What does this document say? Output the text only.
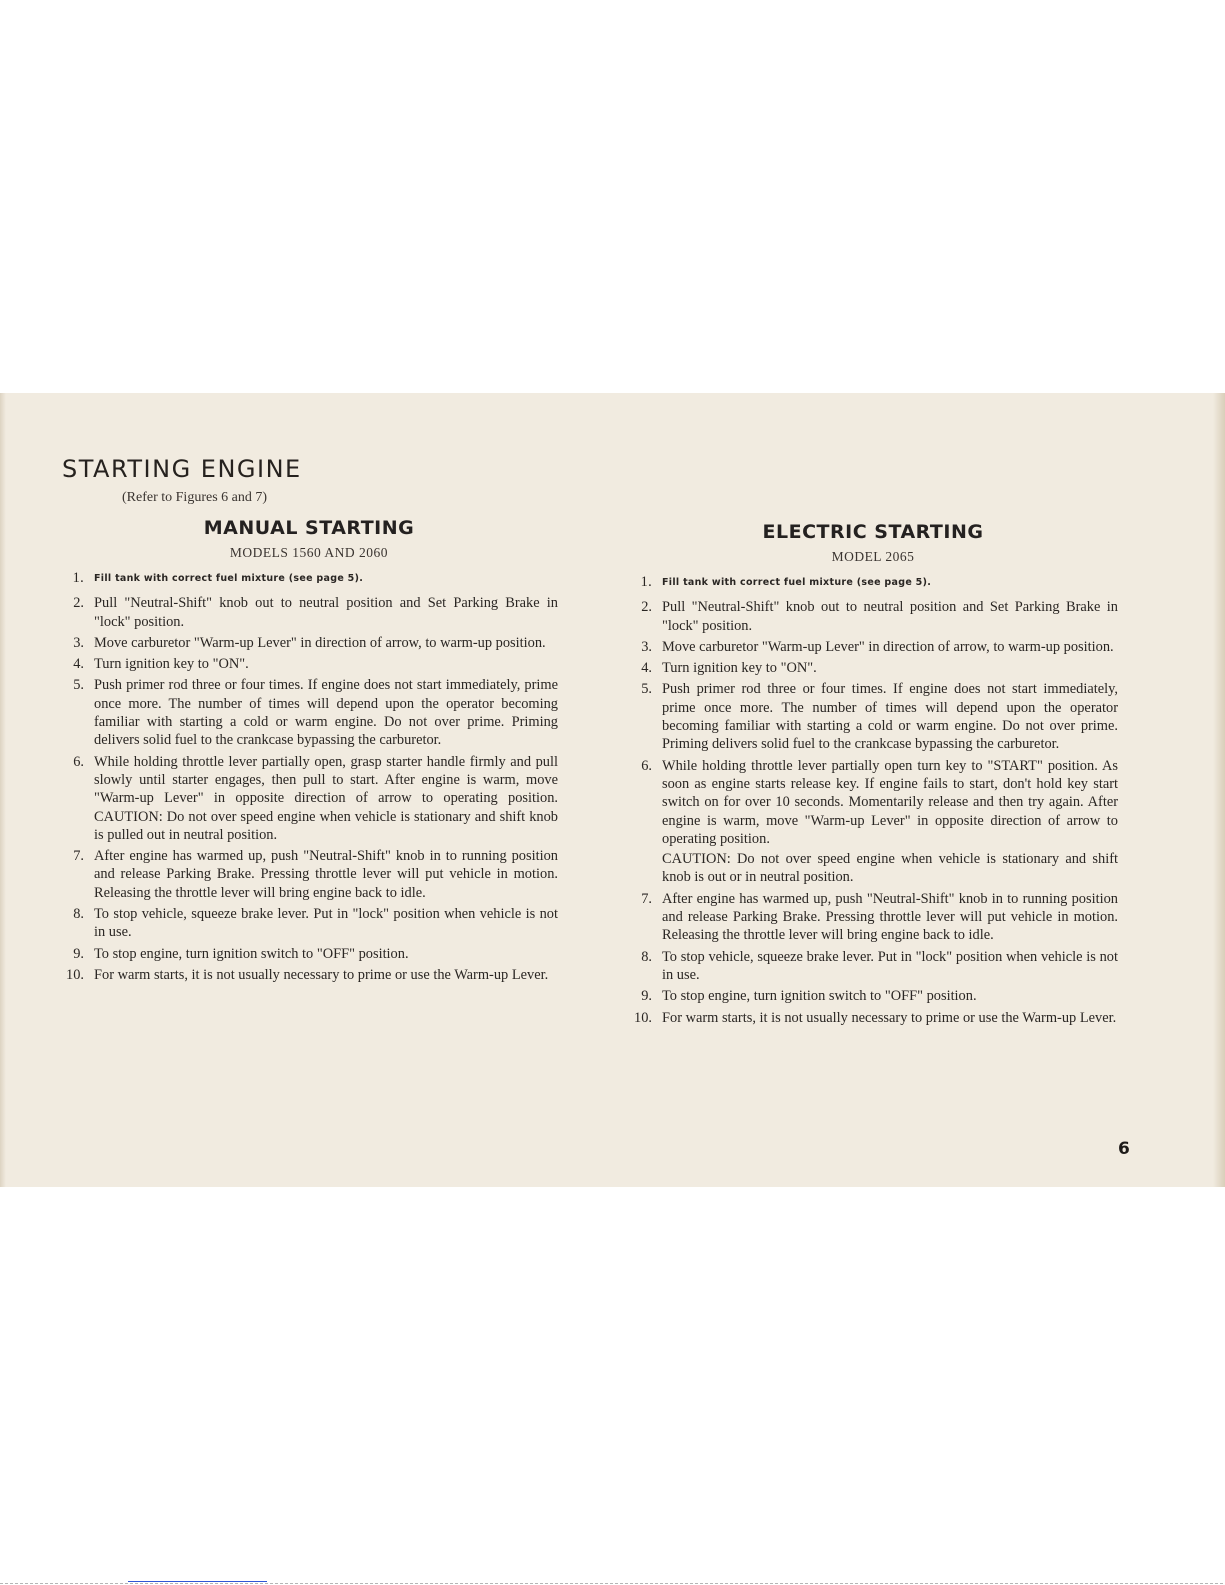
STARTING ENGINE
(Refer to Figures 6 and 7)
MANUAL STARTING
MODELS 1560 AND 2060
1. Fill tank with correct fuel mixture (see page 5).
2. Pull "Neutral-Shift" knob out to neutral position and Set Parking Brake in "lock" position.
3. Move carburetor "Warm-up Lever" in direction of arrow, to warm-up position.
4. Turn ignition key to "ON".
5. Push primer rod three or four times. If engine does not start immediately, prime once more. The number of times will depend upon the operator becoming familiar with starting a cold or warm engine. Do not over prime. Priming delivers solid fuel to the crankcase bypassing the carburetor.
6. While holding throttle lever partially open, grasp starter handle firmly and pull slowly until starter engages, then pull to start. After engine is warm, move "Warm-up Lever" in opposite direction of arrow to operating position. CAUTION: Do not over speed engine when vehicle is stationary and shift knob is pulled out in neutral position.
7. After engine has warmed up, push "Neutral-Shift" knob in to running position and release Parking Brake. Pressing throttle lever will put vehicle in motion. Releasing the throttle lever will bring engine back to idle.
8. To stop vehicle, squeeze brake lever. Put in "lock" position when vehicle is not in use.
9. To stop engine, turn ignition switch to "OFF" position.
10. For warm starts, it is not usually necessary to prime or use the Warm-up Lever.
ELECTRIC STARTING
MODEL 2065
1. Fill tank with correct fuel mixture (see page 5).
2. Pull "Neutral-Shift" knob out to neutral position and Set Parking Brake in "lock" position.
3. Move carburetor "Warm-up Lever" in direction of arrow, to warm-up position.
4. Turn ignition key to "ON".
5. Push primer rod three or four times. If engine does not start immediately, prime once more. The number of times will depend upon the operator becoming familiar with starting a cold or warm engine. Do not over prime. Priming delivers solid fuel to the crankcase bypassing the carburetor.
6. While holding throttle lever partially open turn key to "START" position. As soon as engine starts release key. If engine fails to start, don't hold key start switch on for over 10 seconds. Momentarily release and then try again. After engine is warm, move "Warm-up Lever" in opposite direction of arrow to operating position.
CAUTION: Do not over speed engine when vehicle is stationary and shift knob is out or in neutral position.
7. After engine has warmed up, push "Neutral-Shift" knob in to running position and release Parking Brake. Pressing throttle lever will put vehicle in motion. Releasing the throttle lever will bring engine back to idle.
8. To stop vehicle, squeeze brake lever. Put in "lock" position when vehicle is not in use.
9. To stop engine, turn ignition switch to "OFF" position.
10. For warm starts, it is not usually necessary to prime or use the Warm-up Lever.
6
